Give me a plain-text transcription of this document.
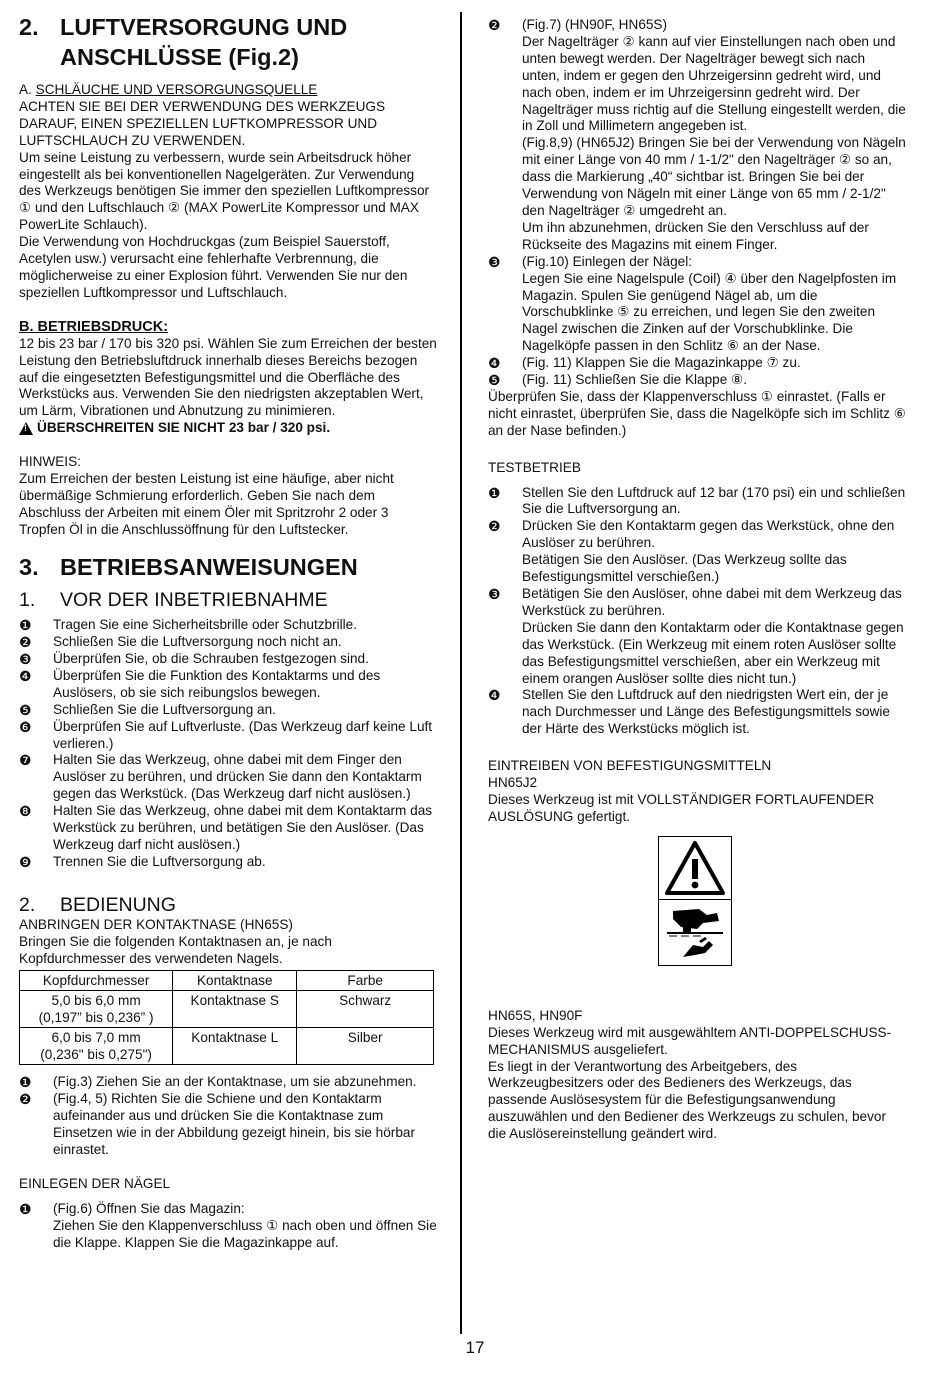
2. LUFTVERSORGUNG UND ANSCHLÜSSE (Fig.2)

A. SCHLÄUCHE UND VERSORGUNGSQUELLE

ACHTEN SIE BEI DER VERWENDUNG DES WERKZEUGS DARAUF, EINEN SPEZIELLEN LUFTKOMPRESSOR UND LUFTSCHLAUCH ZU VERWENDEN.

Um seine Leistung zu verbessern, wurde sein Arbeitsdruck höher eingestellt als bei konventionellen Nagelgeräten. Zur Verwendung des Werkzeugs benötigen Sie immer den speziellen Luftkompressor ① und den Luftschlauch ② (MAX PowerLite Kompressor und MAX PowerLite Schlauch).

Die Verwendung von Hochdruckgas (zum Beispiel Sauerstoff, Acetylen usw.) verursacht eine fehlerhafte Verbrennung, die möglicherweise zu einer Explosion führt. Verwenden Sie nur den speziellen Luftkompressor und Luftschlauch.

B. BETRIEBSDRUCK:

12 bis 23 bar / 170 bis 320 psi. Wählen Sie zum Erreichen der besten Leistung den Betriebsluftdruck innerhalb dieses Bereichs bezogen auf die eingesetzten Befestigungsmittel und die Oberfläche des Werkstücks aus. Verwenden Sie den niedrigsten akzeptablen Wert, um Lärm, Vibrationen und Abnutzung zu minimieren.

!
ÜBERSCHREITEN SIE NICHT 23 bar / 320 psi.

HINWEIS:

Zum Erreichen der besten Leistung ist eine häufige, aber nicht übermäßige Schmierung erforderlich. Geben Sie nach dem Abschluss der Arbeiten mit einem Öler mit Spritzrohr 2 oder 3 Tropfen Öl in die Anschlussöffnung für den Luftstecker.

3. BETRIEBSANWEISUNGEN
1.	VOR DER INBETRIEBNAHME
❶	Tragen Sie eine Sicherheitsbrille oder Schutzbrille.
❷	Schließen Sie die Luftversorgung noch nicht an.
❸	Überprüfen Sie, ob die Schrauben festgezogen sind.
❹	Überprüfen Sie die Funktion des Kontaktarms und des Auslösers, ob sie sich reibungslos bewegen.
❺	Schließen Sie die Luftversorgung an.
❻	Überprüfen Sie auf Luftverluste. (Das Werkzeug darf keine Luft verlieren.)
❼	Halten Sie das Werkzeug, ohne dabei mit dem Finger den Auslöser zu berühren, und drücken Sie dann den Kontaktarm gegen das Werkstück. (Das Werkzeug darf nicht auslösen.)
❽	Halten Sie das Werkzeug, ohne dabei mit dem Kontaktarm das Werkstück zu berühren, und betätigen Sie den Auslöser. (Das Werkzeug darf nicht auslösen.)
❾	Trennen Sie die Luftversorgung ab.
2.	BEDIENUNG

ANBRINGEN DER KONTAKTNASE (HN65S)

Bringen Sie die folgenden Kontaktnasen an, je nach Kopfdurchmesser des verwendeten Nagels.

Kopfdurchmesser	Kontaktnase	Farbe

5,0 bis 6,0 mm
(0,197” bis 0,236” )	Kontaktnase S	Schwarz

6,0 bis 7,0 mm
(0,236" bis 0,275")	Kontaktnase L	Silber
❶	(Fig.3) Ziehen Sie an der Kontaktnase, um sie abzunehmen.
❷	(Fig.4, 5) Richten Sie die Schiene und den Kontaktarm aufeinander aus und drücken Sie die Kontaktnase zum Einsetzen wie in der Abbildung gezeigt hinein, bis sie hörbar einrastet.

EINLEGEN DER NÄGEL

❶	(Fig.6) Öffnen Sie das Magazin:
Ziehen Sie den Klappenverschluss ① nach oben und öffnen Sie die Klappe. Klappen Sie die Magazinkappe auf.
❷	(Fig.7) (HN90F, HN65S)
Der Nagelträger ② kann auf vier Einstellungen nach oben und unten bewegt werden. Der Nagelträger bewegt sich nach unten, indem er gegen den Uhrzeigersinn gedreht wird, und nach oben, indem er im Uhrzeigersinn gedreht wird. Der Nagelträger muss richtig auf die Stellung eingestellt werden, die in Zoll und Millimetern angegeben ist.
(Fig.8,9) (HN65J2) Bringen Sie bei der Verwendung von Nägeln mit einer Länge von 40 mm / 1-1/2" den Nagelträger ② so an, dass die Markierung „40“ sichtbar ist. Bringen Sie bei der Verwendung von Nägeln mit einer Länge von 65 mm / 2-1/2" den Nagelträger ② umgedreht an.
Um ihn abzunehmen, drücken Sie den Verschluss auf der Rückseite des Magazins mit einem Finger.
❸	(Fig.10) Einlegen der Nägel:
Legen Sie eine Nagelspule (Coil) ④ über den Nagelpfosten im Magazin. Spulen Sie genügend Nägel ab, um die Vorschubklinke ⑤ zu erreichen, und legen Sie den zweiten Nagel zwischen die Zinken auf der Vorschubklinke. Die Nagelköpfe passen in den Schlitz ⑥ an der Nase.
❹	(Fig. 11) Klappen Sie die Magazinkappe ⑦ zu.
❺	(Fig. 11) Schließen Sie die Klappe ⑧.

Überprüfen Sie, dass der Klappenverschluss ① einrastet. (Falls er nicht einrastet, überprüfen Sie, dass die Nagelköpfe sich im Schlitz ⑥ an der Nase befinden.)

TESTBETRIEB

❶	Stellen Sie den Luftdruck auf 12 bar (170 psi) ein und schließen Sie die Luftversorgung an.
❷	Drücken Sie den Kontaktarm gegen das Werkstück, ohne den Auslöser zu berühren.
Betätigen Sie den Auslöser. (Das Werkzeug sollte das Befestigungsmittel verschießen.)
❸	Betätigen Sie den Auslöser, ohne dabei mit dem Werkzeug das Werkstück zu berühren.
Drücken Sie dann den Kontaktarm oder die Kontaktnase gegen das Werkstück. (Ein Werkzeug mit einem roten Auslöser sollte das Befestigungsmittel verschießen, aber ein Werkzeug mit einem orangen Auslöser sollte dies nicht tun.)
❹	Stellen Sie den Luftdruck auf den niedrigsten Wert ein, der je nach Durchmesser und Länge des Befestigungsmittels sowie der Härte des Werkstücks möglich ist.

EINTREIBEN VON BEFESTIGUNGSMITTELN

HN65J2

Dieses Werkzeug ist mit VOLLSTÄNDIGER FORTLAUFENDER AUSLÖSUNG gefertigt.

HN65S, HN90F

Dieses Werkzeug wird mit ausgewähltem ANTI-DOPPELSCHUSS-MECHANISMUS ausgeliefert.

Es liegt in der Verantwortung des Arbeitgebers, des Werkzeugbesitzers oder des Bedieners des Werkzeugs, das passende Auslösesystem für die Befestigungsanwendung auszuwählen und den Bediener des Werkzeugs zu schulen, bevor die Auslösereinstellung geändert wird.

17
